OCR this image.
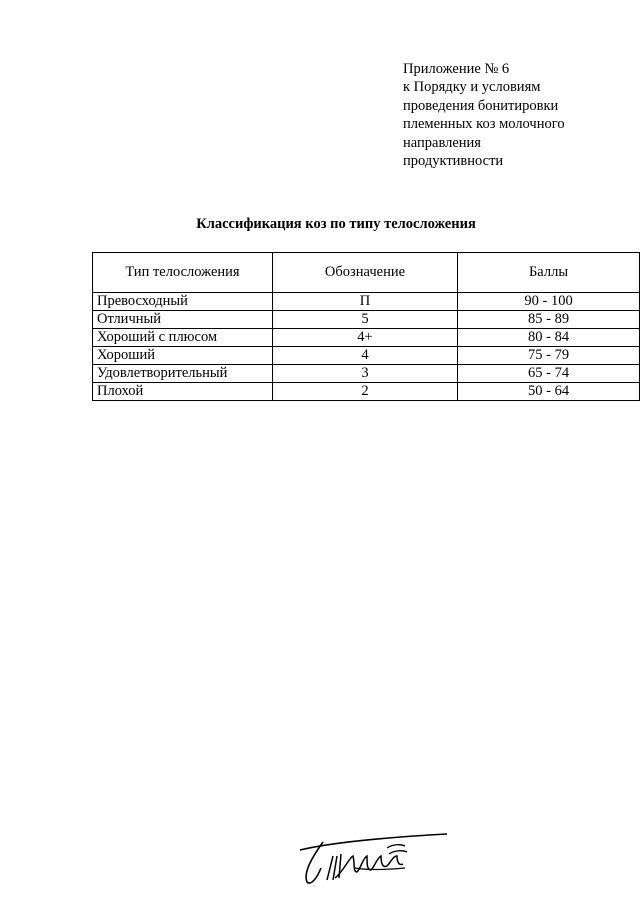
Приложение № 6
к Порядку и условиям
проведения бонитировки
племенных коз молочного
направления
продуктивности
Классификация коз по типу телосложения
Тип телосложения	Обозначение	Баллы
Превосходный	П	90 - 100
Отличный	5	85 - 89
Хороший с плюсом	4+	80 - 84
Хороший	4	75 - 79
Удовлетворительный	3	65 - 74
Плохой	2	50 - 64
